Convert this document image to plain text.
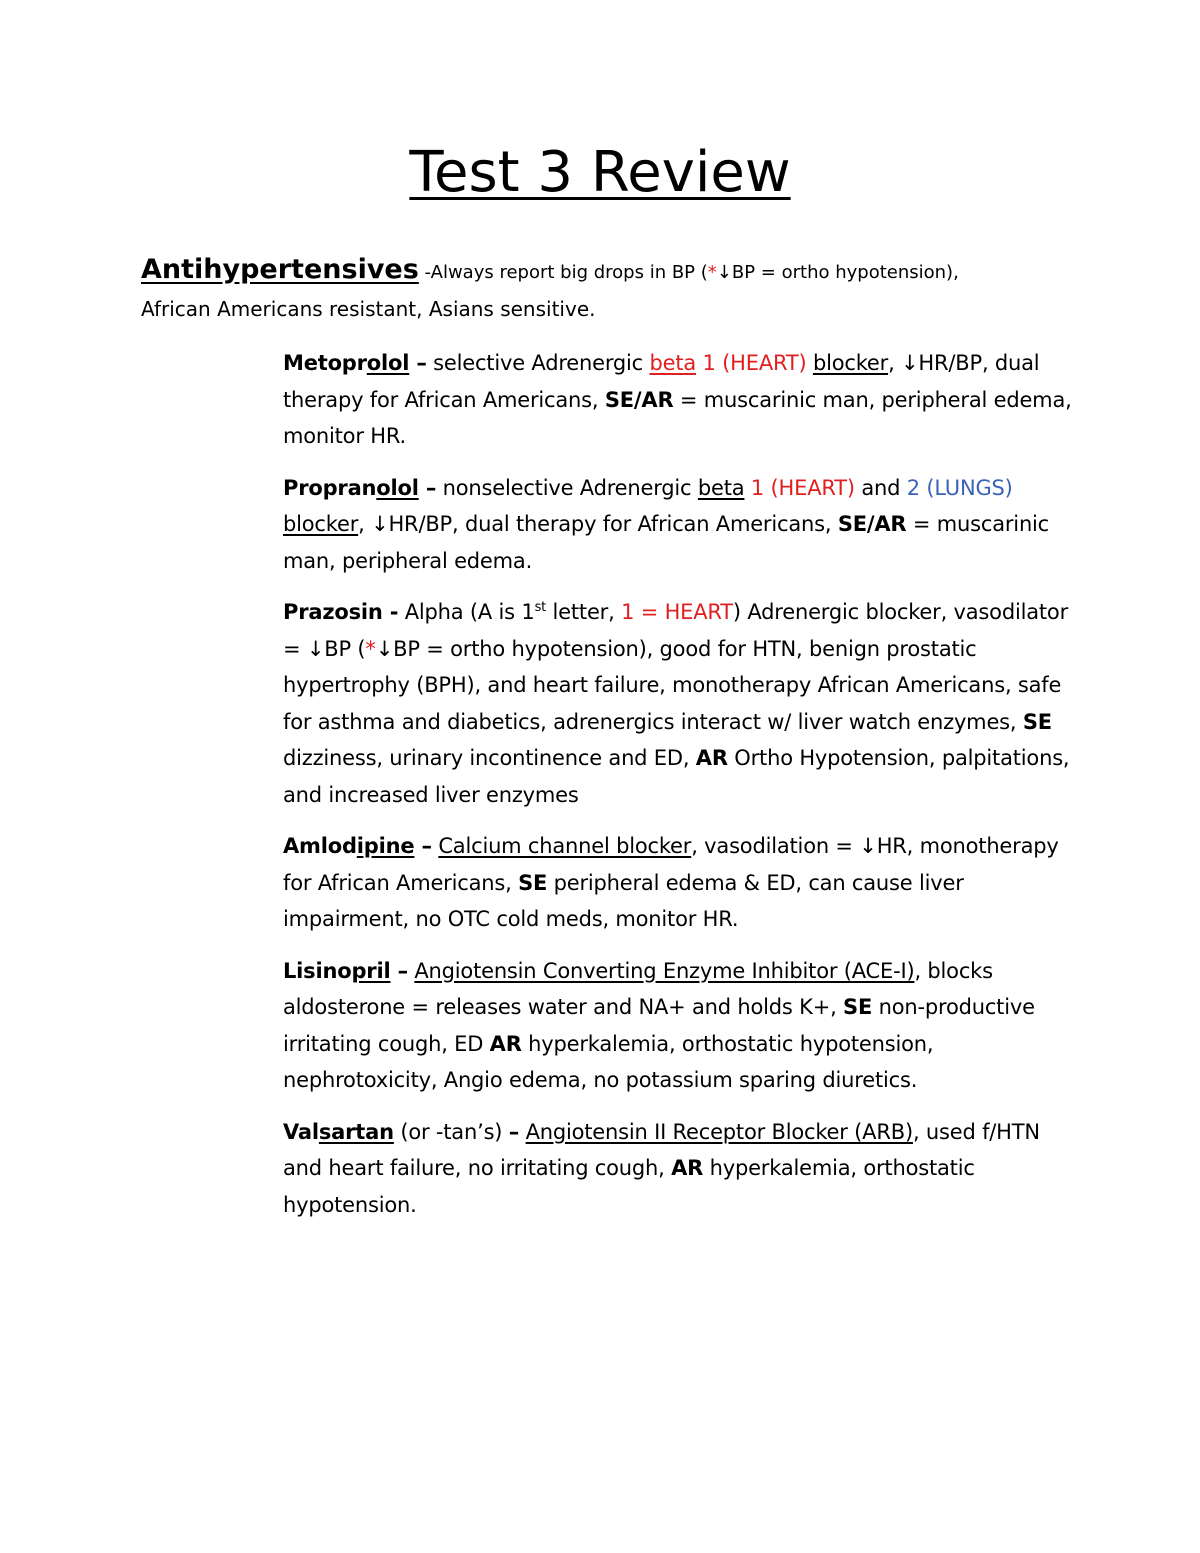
Test 3 Review
Antihypertensives -Always report big drops in BP (*↓BP = ortho hypotension),
African Americans resistant, Asians sensitive.

Metoprolol – selective Adrenergic beta 1 (HEART) blocker, ↓HR/BP, dual therapy for African Americans, SE/AR = muscarinic man, peripheral edema, monitor HR.

Propranolol – nonselective Adrenergic beta 1 (HEART) and 2 (LUNGS) blocker, ↓HR/BP, dual therapy for African Americans, SE/AR = muscarinic man, peripheral edema.

Prazosin - Alpha (A is 1st letter, 1 = HEART) Adrenergic blocker, vasodilator = ↓BP (*↓BP = ortho hypotension), good for HTN, benign prostatic hypertrophy (BPH), and heart failure, monotherapy African Americans, safe for asthma and diabetics, adrenergics interact w/ liver watch enzymes, SE dizziness, urinary incontinence and ED, AR Ortho Hypotension, palpitations, and increased liver enzymes

Amlodipine – Calcium channel blocker, vasodilation = ↓HR, monotherapy for African Americans, SE peripheral edema & ED, can cause liver impairment, no OTC cold meds, monitor HR.

Lisinopril – Angiotensin Converting Enzyme Inhibitor (ACE-I), blocks aldosterone = releases water and NA+ and holds K+, SE non-productive irritating cough, ED AR hyperkalemia, orthostatic hypotension, nephrotoxicity, Angio edema, no potassium sparing diuretics.

Valsartan (or -tan’s) – Angiotensin II Receptor Blocker (ARB), used f/HTN and heart failure, no irritating cough, AR hyperkalemia, orthostatic hypotension.
